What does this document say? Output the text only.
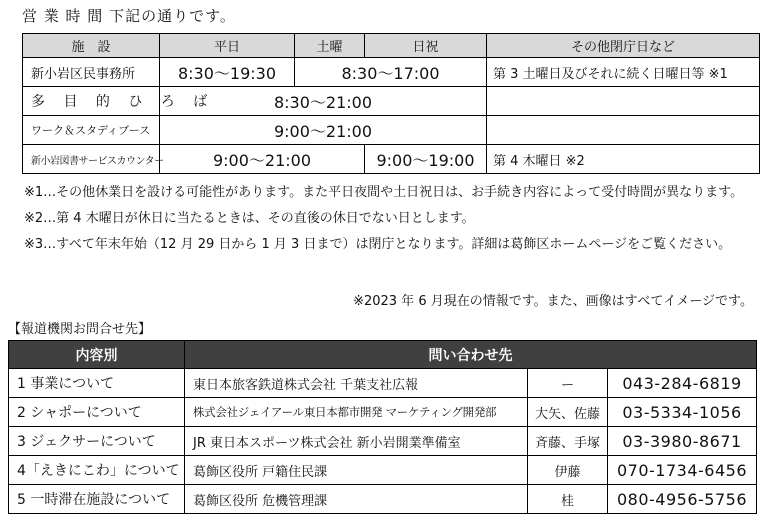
営 業 時 間 下記の通りです。
施　設	平日	土曜	日祝	その他閉庁日など
新小岩区民事務所	8:30～19:30	8:30～17:00		第 3 土曜日及びそれに続く日曜日等 ※1
多 目 的 ひ ろ ば	8:30～21:00			
ワーク＆スタディブース	9:00～21:00			
新小岩図書サービスカウンター	9:00～21:00		9:00～19:00	第 4 木曜日 ※2
※1…その他休業日を設ける可能性があります。また平日夜間や土日祝日は、お手続き内容によって受付時間が異なります。
※2…第 4 木曜日が休日に当たるときは、その直後の休日でない日とします。
※3…すべて年末年始（12 月 29 日から 1 月 3 日まで）は閉庁となります。詳細は葛飾区ホームページをご覧ください。
※2023 年 6 月現在の情報です。また、画像はすべてイメージです。
【報道機関お問合せ先】
内容別	問い合わせ先		
1 事業について	東日本旅客鉄道株式会社 千葉支社広報	ー	043-284-6819
2 シャポーについて	株式会社ジェイアール東日本都市開発 マーケティング開発部	大矢、佐藤	03-5334-1056
3 ジェクサーについて	JR 東日本スポーツ株式会社 新小岩開業準備室	斉藤、手塚	03-3980-8671
4「えきにこわ」について	葛飾区役所 戸籍住民課	伊藤	070-1734-6456
5 一時滞在施設について	葛飾区役所 危機管理課	桂	080-4956-5756
